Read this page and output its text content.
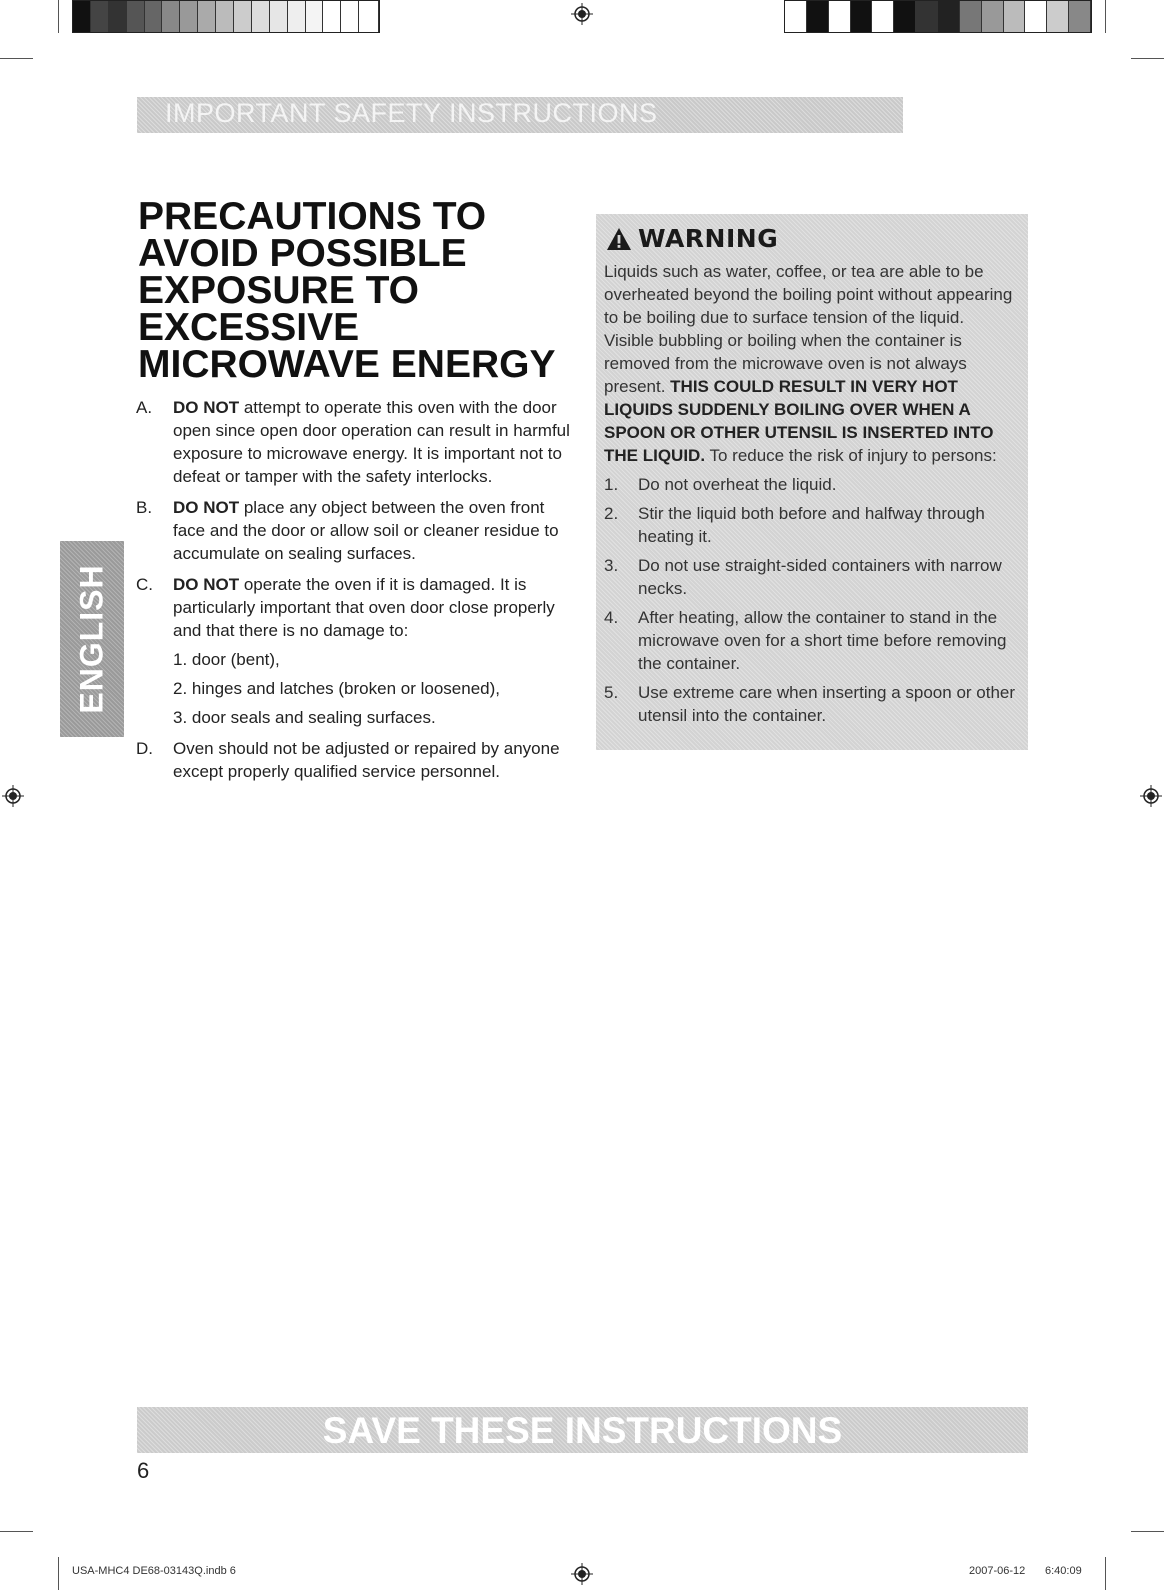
IMPORTANT SAFETY INSTRUCTIONS
ENGLISH
PRECAUTIONS TO
AVOID POSSIBLE
EXPOSURE TO
EXCESSIVE
MICROWAVE ENERGY
A. DO NOT attempt to operate this oven with the door open since open door operation can result in harmful exposure to microwave energy. It is important not to defeat or tamper with the safety interlocks.
B. DO NOT place any object between the oven front face and the door or allow soil or cleaner residue to accumulate on sealing surfaces.
C. DO NOT operate the oven if it is damaged. It is particularly important that oven door close properly and that there is no damage to:
1. door (bent),
2. hinges and latches (broken or loosened),
3. door seals and sealing surfaces.
D. Oven should not be adjusted or repaired by anyone except properly qualified service personnel.
WARNING

Liquids such as water, coffee, or tea are able to be overheated beyond the boiling point without appearing to be boiling due to surface tension of the liquid. Visible bubbling or boiling when the container is removed from the microwave oven is not always present. THIS COULD RESULT IN VERY HOT LIQUIDS SUDDENLY BOILING OVER WHEN A SPOON OR OTHER UTENSIL IS INSERTED INTO THE LIQUID. To reduce the risk of injury to persons:

1. Do not overheat the liquid.
2. Stir the liquid both before and halfway through heating it.
3. Do not use straight-sided containers with narrow necks.
4. After heating, allow the container to stand in the microwave oven for a short time before removing the container.
5. Use extreme care when inserting a spoon or other utensil into the container.
SAVE THESE INSTRUCTIONS
6
USA-MHC4 DE68-03143Q.indb 6	2007-06-12 6:40:09
